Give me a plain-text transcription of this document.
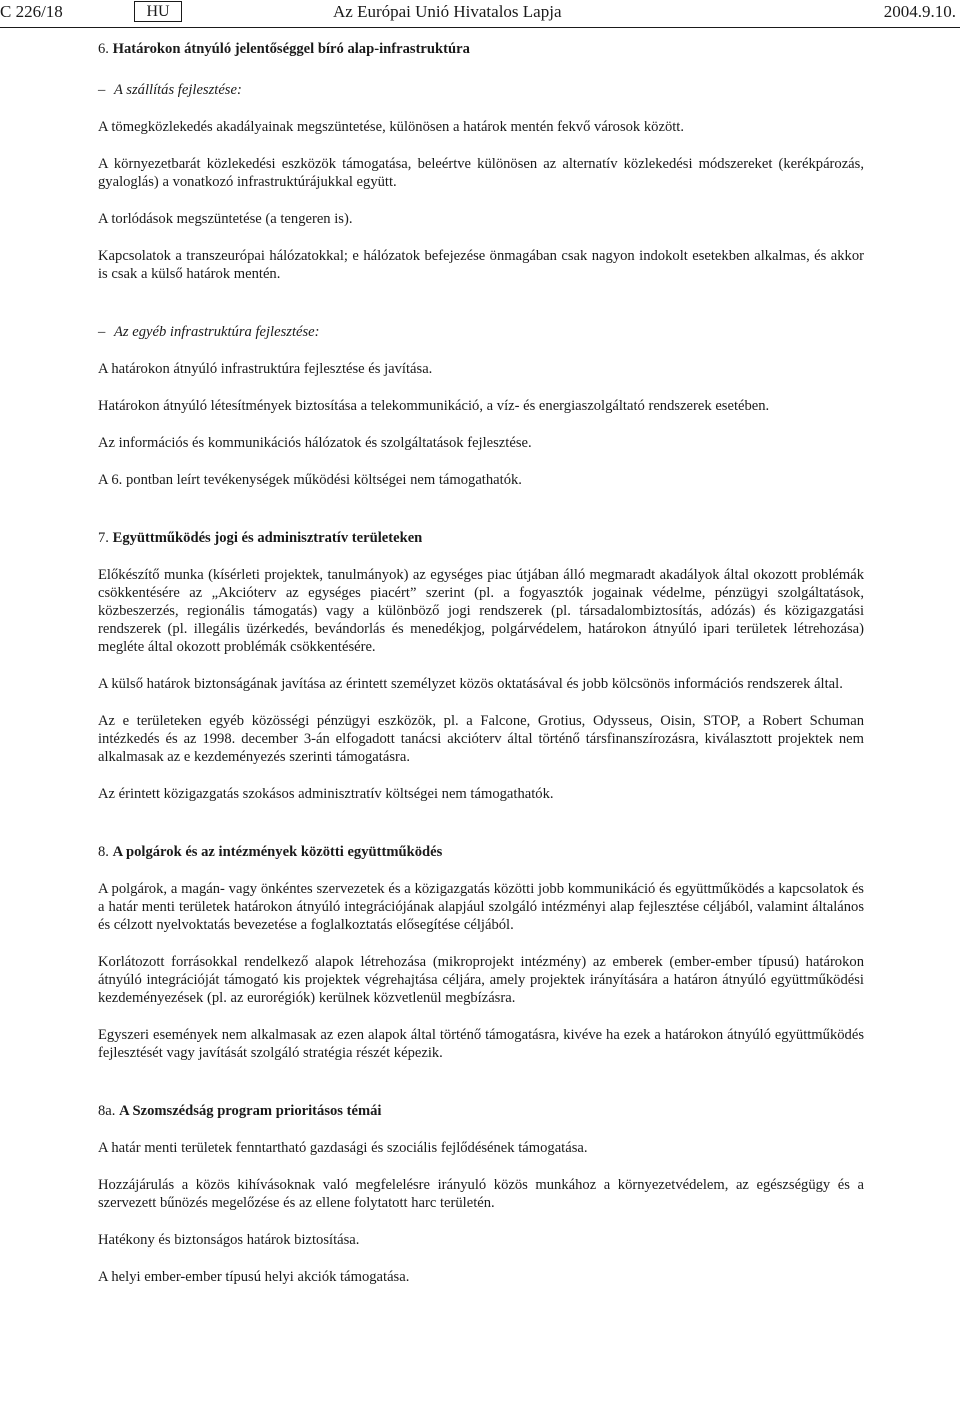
C 226/18	HU	Az Európai Unió Hivatalos Lapja	2004.9.10.

6. Határokon átnyúló jelentőséggel bíró alap-infrastruktúra

– A szállítás fejlesztése:

A tömegközlekedés akadályainak megszüntetése, különösen a határok mentén fekvő városok között.

A környezetbarát közlekedési eszközök támogatása, beleértve különösen az alternatív közlekedési módszereket (kerékpározás, gyaloglás) a vonatkozó infrastruktúrájukkal együtt.

A torlódások megszüntetése (a tengeren is).

Kapcsolatok a transzeurópai hálózatokkal; e hálózatok befejezése önmagában csak nagyon indokolt esetekben alkalmas, és akkor is csak a külső határok mentén.

– Az egyéb infrastruktúra fejlesztése:

A határokon átnyúló infrastruktúra fejlesztése és javítása.

Határokon átnyúló létesítmények biztosítása a telekommunikáció, a víz- és energiaszolgáltató rendszerek esetében.

Az információs és kommunikációs hálózatok és szolgáltatások fejlesztése.

A 6. pontban leírt tevékenységek működési költségei nem támogathatók.

7. Együttműködés jogi és adminisztratív területeken

Előkészítő munka (kísérleti projektek, tanulmányok) az egységes piac útjában álló megmaradt akadályok által okozott problémák csökkentésére az „Akcióterv az egységes piacért” szerint (pl. a fogyasztók jogainak védelme, pénzügyi szolgáltatások, közbeszerzés, regionális támogatás) vagy a különböző jogi rendszerek (pl. társadalombiztosítás, adózás) és közigazgatási rendszerek (pl. illegális üzérkedés, bevándorlás és menedékjog, polgárvédelem, határokon átnyúló ipari területek létrehozása) megléte által okozott problémák csökkentésére.

A külső határok biztonságának javítása az érintett személyzet közös oktatásával és jobb kölcsönös információs rendszerek által.

Az e területeken egyéb közösségi pénzügyi eszközök, pl. a Falcone, Grotius, Odysseus, Oisin, STOP, a Robert Schuman intézkedés és az 1998. december 3-án elfogadott tanácsi akcióterv által történő társfinanszírozásra, kiválasztott projektek nem alkalmasak az e kezdeményezés szerinti támogatásra.

Az érintett közigazgatás szokásos adminisztratív költségei nem támogathatók.

8. A polgárok és az intézmények közötti együttműködés

A polgárok, a magán- vagy önkéntes szervezetek és a közigazgatás közötti jobb kommunikáció és együttműködés a kapcsolatok és a határ menti területek határokon átnyúló integrációjának alapjául szolgáló intézményi alap fejlesztése céljából, valamint általános és célzott nyelvoktatás bevezetése a foglalkoztatás elősegítése céljából.

Korlátozott forrásokkal rendelkező alapok létrehozása (mikroprojekt intézmény) az emberek (ember-ember típusú) határokon átnyúló integrációját támogató kis projektek végrehajtása céljára, amely projektek irányítására a határon átnyúló együttműködési kezdeményezések (pl. az eurorégiók) kerülnek közvetlenül megbízásra.

Egyszeri események nem alkalmasak az ezen alapok által történő támogatásra, kivéve ha ezek a határokon átnyúló együttműködés fejlesztését vagy javítását szolgáló stratégia részét képezik.

8a. A Szomszédság program prioritásos témái

A határ menti területek fenntartható gazdasági és szociális fejlődésének támogatása.

Hozzájárulás a közös kihívásoknak való megfelelésre irányuló közös munkához a környezetvédelem, az egészségügy és a szervezett bűnözés megelőzése és az ellene folytatott harc területén.

Hatékony és biztonságos határok biztosítása.

A helyi ember-ember típusú helyi akciók támogatása.
